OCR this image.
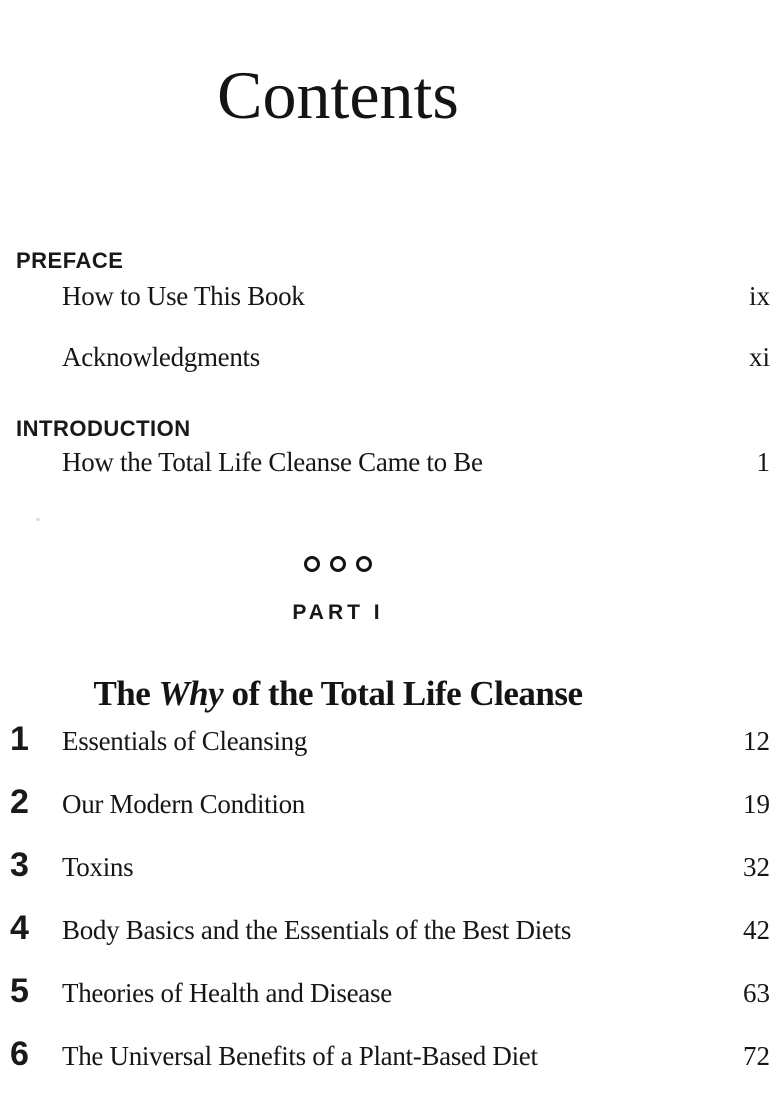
Contents
PREFACE
How to Use This Book	ix
Acknowledgments	xi
INTRODUCTION
How the Total Life Cleanse Came to Be	1
PART I
The Why of the Total Life Cleanse
1	Essentials of Cleansing	12
2	Our Modern Condition	19
3	Toxins	32
4	Body Basics and the Essentials of the Best Diets	42
5	Theories of Health and Disease	63
6	The Universal Benefits of a Plant-Based Diet	72
